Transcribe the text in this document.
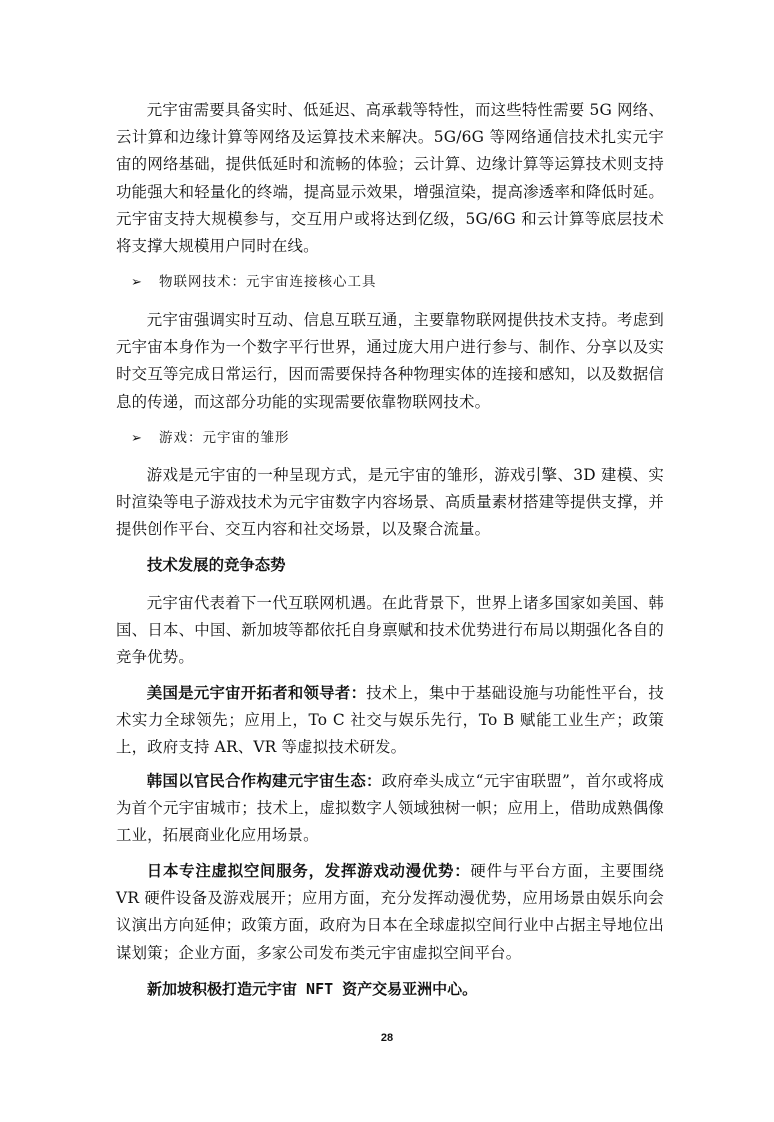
元宇宙需要具备实时、低延迟、高承载等特性，而这些特性需要 5G 网络、云计算和边缘计算等网络及运算技术来解决。5G/6G 等网络通信技术扎实元宇宙的网络基础，提供低延时和流畅的体验；云计算、边缘计算等运算技术则支持功能强大和轻量化的终端，提高显示效果，增强渲染，提高渗透率和降低时延。元宇宙支持大规模参与，交互用户或将达到亿级，5G/6G 和云计算等底层技术将支撑大规模用户同时在线。

➢ 物联网技术：元宇宙连接核心工具

元宇宙强调实时互动、信息互联互通，主要靠物联网提供技术支持。考虑到元宇宙本身作为一个数字平行世界，通过庞大用户进行参与、制作、分享以及实时交互等完成日常运行，因而需要保持各种物理实体的连接和感知，以及数据信息的传递，而这部分功能的实现需要依靠物联网技术。

➢ 游戏：元宇宙的雏形

游戏是元宇宙的一种呈现方式，是元宇宙的雏形，游戏引擎、3D 建模、实时渲染等电子游戏技术为元宇宙数字内容场景、高质量素材搭建等提供支撑，并提供创作平台、交互内容和社交场景，以及聚合流量。

技术发展的竞争态势

元宇宙代表着下一代互联网机遇。在此背景下，世界上诸多国家如美国、韩国、日本、中国、新加坡等都依托自身禀赋和技术优势进行布局以期强化各自的竞争优势。

美国是元宇宙开拓者和领导者：技术上，集中于基础设施与功能性平台，技术实力全球领先；应用上，To C 社交与娱乐先行，To B 赋能工业生产；政策上，政府支持 AR、VR 等虚拟技术研发。

韩国以官民合作构建元宇宙生态：政府牵头成立“元宇宙联盟”，首尔或将成为首个元宇宙城市；技术上，虚拟数字人领域独树一帜；应用上，借助成熟偶像工业，拓展商业化应用场景。

日本专注虚拟空间服务，发挥游戏动漫优势：硬件与平台方面，主要围绕 VR 硬件设备及游戏展开；应用方面，充分发挥动漫优势，应用场景由娱乐向会议演出方向延伸；政策方面，政府为日本在全球虚拟空间行业中占据主导地位出谋划策；企业方面，多家公司发布类元宇宙虚拟空间平台。

新加坡积极打造元宇宙 NFT 资产交易亚洲中心。

28
